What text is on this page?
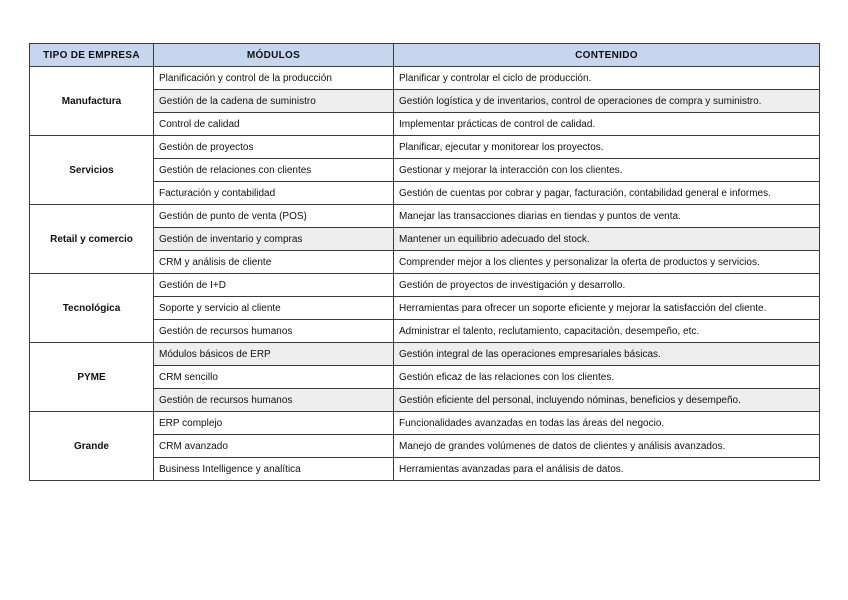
TIPO DE EMPRESA	MÓDULOS	CONTENIDO
Manufactura	Planificación y control de la producción	Planificar y controlar el ciclo de producción.
	Gestión de la cadena de suministro	Gestión logística y de inventarios, control de operaciones de compra y suministro.
	Control de calidad	Implementar prácticas de control de calidad.
Servicios	Gestión de proyectos	Planificar, ejecutar y monitorear los proyectos.
	Gestión de relaciones con clientes	Gestionar y mejorar la interacción con los clientes.
	Facturación y contabilidad	Gestión de cuentas por cobrar y pagar, facturación, contabilidad general e informes.
Retail y comercio	Gestión de punto de venta (POS)	Manejar las transacciones diarias en tiendas y puntos de venta.
	Gestión de inventario y compras	Mantener un equilibrio adecuado del stock.
	CRM y análisis de cliente	Comprender mejor a los clientes y personalizar la oferta de productos y servicios.
Tecnológica	Gestión de I+D	Gestión de proyectos de investigación y desarrollo.
	Soporte y servicio al cliente	Herramientas para ofrecer un soporte eficiente y mejorar la satisfacción del cliente.
	Gestión de recursos humanos	Administrar el talento, reclutamiento, capacitación, desempeño, etc.
PYME	Módulos básicos de ERP	Gestión integral de las operaciones empresariales básicas.
	CRM sencillo	Gestión eficaz de las relaciones con los clientes.
	Gestión de recursos humanos	Gestión eficiente del personal, incluyendo nóminas, beneficios y desempeño.
Grande	ERP complejo	Funcionalidades avanzadas en todas las áreas del negocio.
	CRM avanzado	Manejo de grandes volúmenes de datos de clientes y análisis avanzados.
	Business Intelligence y analítica	Herramientas avanzadas para el análisis de datos.
